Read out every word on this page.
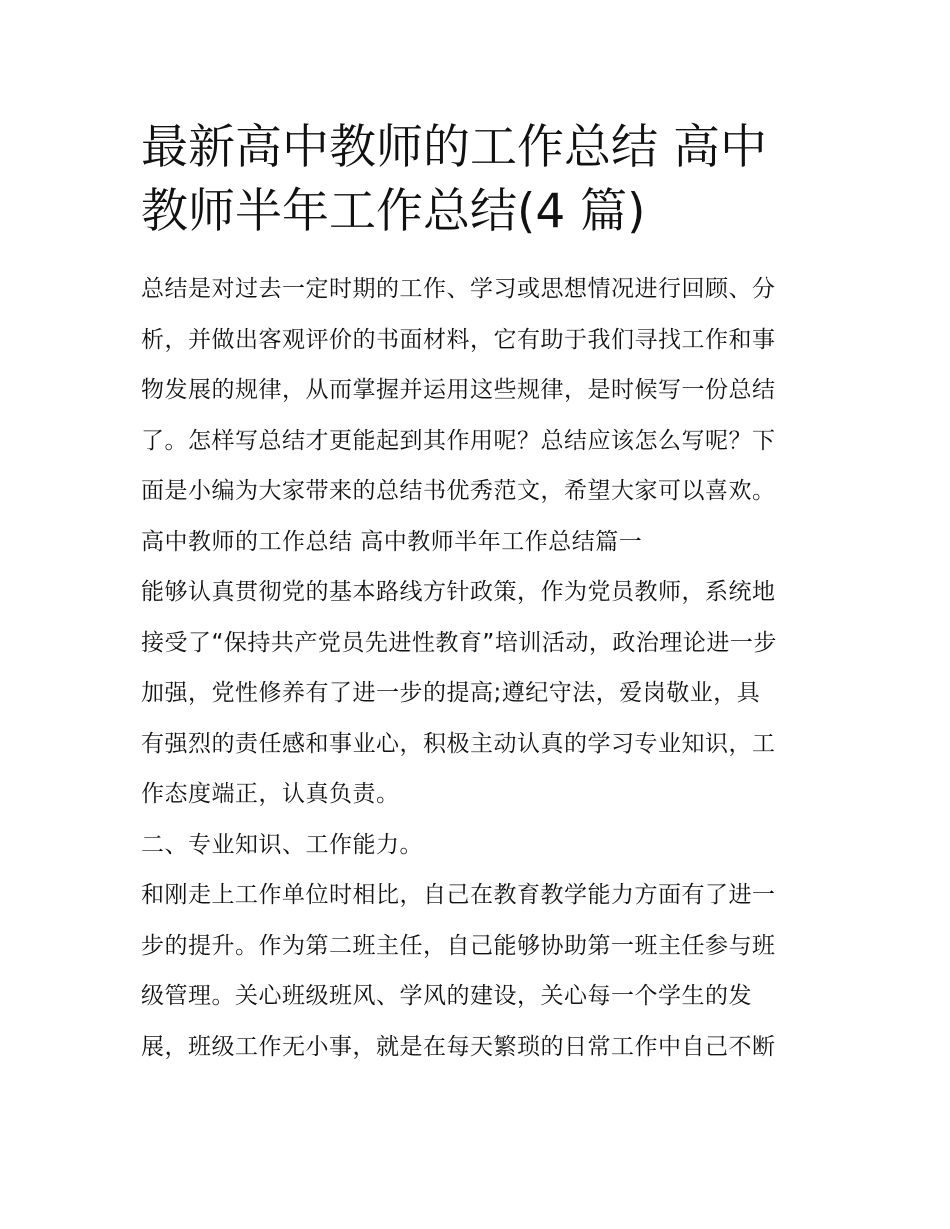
最新高中教师的工作总结 高中
教师半年工作总结(4 篇)

总结是对过去一定时期的工作、学习或思想情况进行回顾、分
析，并做出客观评价的书面材料，它有助于我们寻找工作和事
物发展的规律，从而掌握并运用这些规律，是时候写一份总结
了。怎样写总结才更能起到其作用呢？总结应该怎么写呢？下
面是小编为大家带来的总结书优秀范文，希望大家可以喜欢。

高中教师的工作总结 高中教师半年工作总结篇一

能够认真贯彻党的基本路线方针政策，作为党员教师，系统地
接受了“保持共产党员先进性教育”培训活动，政治理论进一步
加强，党性修养有了进一步的提高;遵纪守法，爱岗敬业，具
有强烈的责任感和事业心，积极主动认真的学习专业知识，工
作态度端正，认真负责。

二、专业知识、工作能力。

和刚走上工作单位时相比，自己在教育教学能力方面有了进一
步的提升。作为第二班主任，自己能够协助第一班主任参与班
级管理。关心班级班风、学风的建设，关心每一个学生的发
展，班级工作无小事，就是在每天繁琐的日常工作中自己不断
